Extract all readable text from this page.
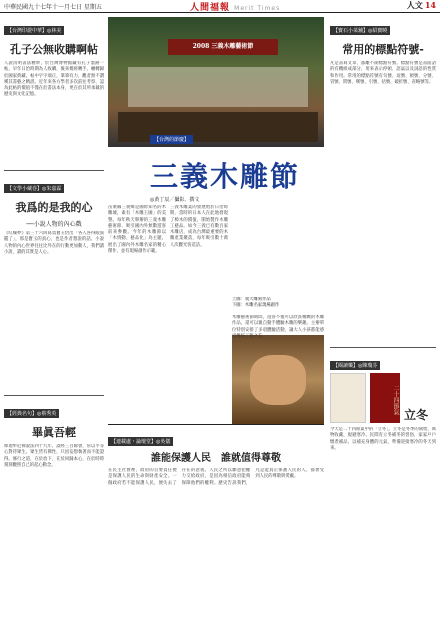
中華民國九十七年十一月七日 星期五	人間福報 Merit Times	人文 14
【台灣印證中華】◎林美
孔子公無收購啊帖
人說清明書法精妙，於台灣博物館藏有孔子墨跡一帖，早年日治時期為人收購，後來幾經轉手，輾轉歸於國家典藏。帖中字字端正，筆筆有力，觀者無不讚嘆其書藝之精湛。近年來各方學者多次前往考察，認為此帖的價值不僅在於書法本身，更在於其所承載的歷史與文化記憶。
【文學小蔵巻】◎朱嘉霖
我爲的是我的心
──小說人物的內心戲
《紅樓夢》第三十六回寫賈寶玉悟出「各人各得眼淚罷了」，那是寶玉的真心，也是作者想說的話。小說人物的內心世界往往比外在的行動更加動人，我們讀小說，讀的其實是人心。
【經典名句】◎蔡秀英
畢眞吾輕
釋迦牟尼佛說法四十九年，談經三百餘會，常以平等心對待眾生。眾生皆有佛性，只因妄想執著而不能證得。修行之道，在於放下，在於回歸本心，在於時時刻刻觀照自己的起心動念。
2008 三義木雕藝術節
【台灣的節慶】
三義木雕節
◎黃丁辰／攝影、撰文
苗栗縣三義鄉是國際知名的木雕城，素有「木雕王國」的美譽。每年秋天舉辦的三義木雕藝術節，吸引國內外無數遊客前來參觀。今年的木雕節以「木情動、藝品化」為主題，展出了國內外木雕名家的精心傑作，並有現場創作示範。
三義木雕業的發展始於日治時期，當時的日本人在此地發現了樟木的價值，開始製作木雕工藝品。如今三義已有數百家木雕店，成為台灣最重要的木雕產業聚落，每年吸引數十萬人次觀光客造訪。
上圖：義大雕刻作品
下圖：木雕名家現場創作
木雕藝術節期間，遊客不僅可以欣賞精緻的木雕作品，還可以親自動手體驗木雕的樂趣。主辦單位特別安排了多項體驗活動，讓大人小孩都能感受傳統工藝之美。
【連載處・論壇堂】◎吳儀
誰能保護人民　誰就值得尊敬
在民主社會裡，政府的首要責任便是保護人民的生命與財產安全。一個政府若不能保護人民，便失去了存在的意義。人民之所以願意把權力交給政府，是因為相信政府能夠保障他們的權利。歷史告訴我們，凡是能真正保護人民的人，都會受到人民的尊敬與愛戴。
【寶石小菜舖】◎紹寶曉
常用的標點符號-
凡是書寫文章，都離不開標點符號。標點符號是書面語的有機組成部分，用來表示停頓、語氣以及詞語的性質和作用。常用的標點符號有句號、逗號、頓號、分號、冒號、問號、嘆號、引號、括號、破折號、省略號等。
【閱讀樂】◎陳瓊芬
二十四節氣 立冬
今天是二十四節氣中的「立冬」。立冬是冬季的開始，萬物收藏，規避寒冷。民間有立冬補冬的習俗，家家戶戶燉煮補品，以補充身體的元氣，準備迎接寒冷的冬天到來。
